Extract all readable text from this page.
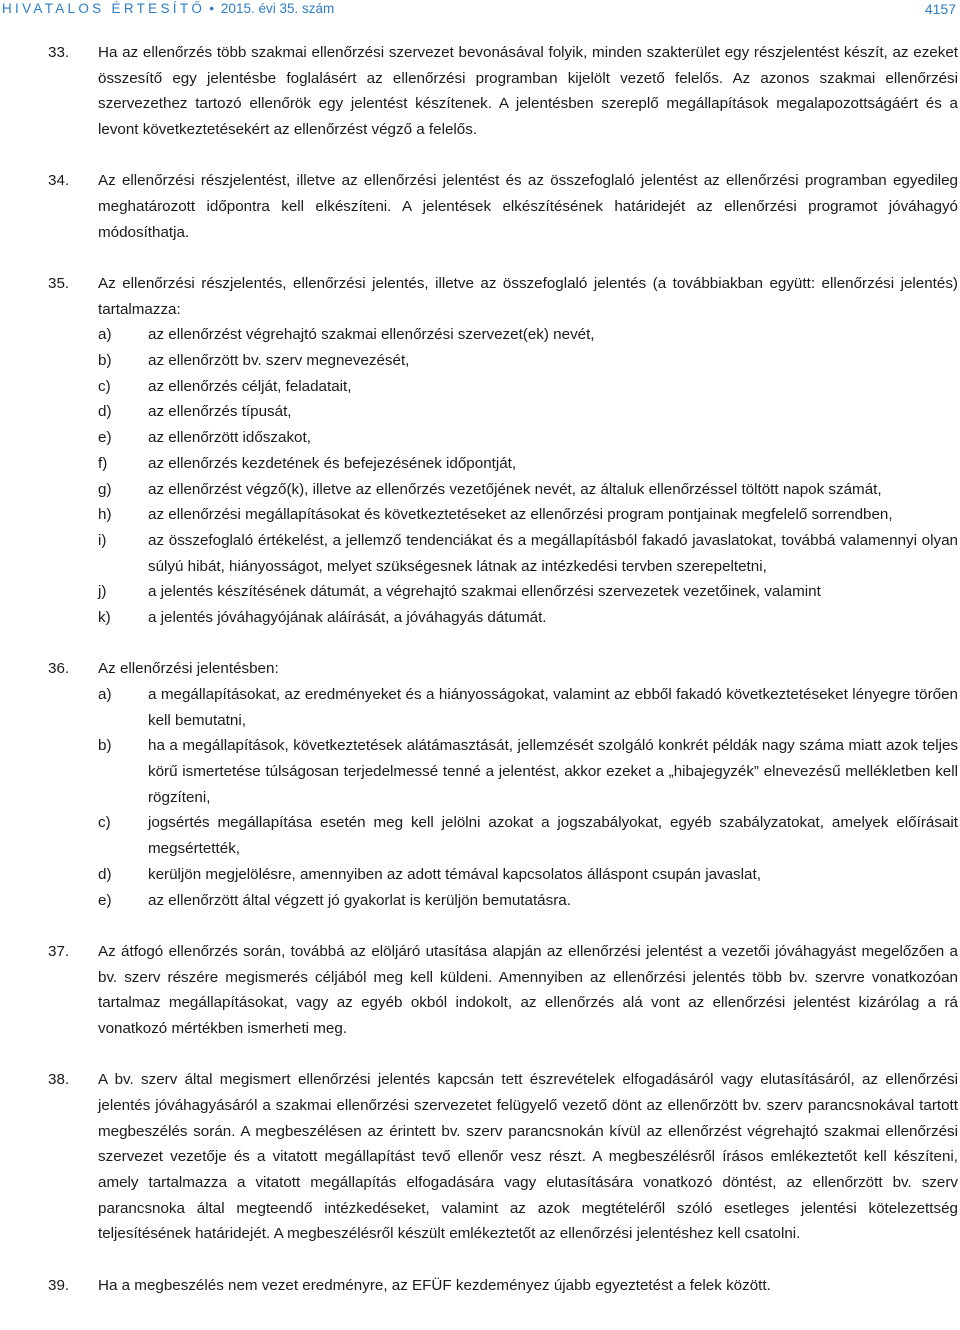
HIVATALOS ÉRTESÍTŐ • 2015. évi 35. szám	4157
33. Ha az ellenőrzés több szakmai ellenőrzési szervezet bevonásával folyik, minden szakterület egy részjelentést készít, az ezeket összesítő egy jelentésbe foglalásért az ellenőrzési programban kijelölt vezető felelős. Az azonos szakmai ellenőrzési szervezethez tartozó ellenőrök egy jelentést készítenek. A jelentésben szereplő megállapítások megalapozottságáért és a levont következtetésekért az ellenőrzést végző a felelős.
34. Az ellenőrzési részjelentést, illetve az ellenőrzési jelentést és az összefoglaló jelentést az ellenőrzési programban egyedileg meghatározott időpontra kell elkészíteni. A jelentések elkészítésének határidejét az ellenőrzési programot jóváhagyó módosíthatja.
35. Az ellenőrzési részjelentés, ellenőrzési jelentés, illetve az összefoglaló jelentés (a továbbiakban együtt: ellenőrzési jelentés) tartalmazza:
a) az ellenőrzést végrehajtó szakmai ellenőrzési szervezet(ek) nevét,
b) az ellenőrzött bv. szerv megnevezését,
c) az ellenőrzés célját, feladatait,
d) az ellenőrzés típusát,
e) az ellenőrzött időszakot,
f)	az ellenőrzés kezdetének és befejezésének időpontját,
g) az ellenőrzést végző(k), illetve az ellenőrzés vezetőjének nevét, az általuk ellenőrzéssel töltött napok számát,
h) az ellenőrzési megállapításokat és következtetéseket az ellenőrzési program pontjainak megfelelő sorrendben,
i)	az összefoglaló értékelést, a jellemző tendenciákat és a megállapításból fakadó javaslatokat, továbbá valamennyi olyan súlyú hibát, hiányosságot, melyet szükségesnek látnak az intézkedési tervben szerepeltetni,
j)	a jelentés készítésének dátumát, a végrehajtó szakmai ellenőrzési szervezetek vezetőinek, valamint
k) a jelentés jóváhagyójának aláírását, a jóváhagyás dátumát.
36. Az ellenőrzési jelentésben:
a) a megállapításokat, az eredményeket és a hiányosságokat, valamint az ebből fakadó következtetéseket lényegre törően kell bemutatni,
b) ha a megállapítások, következtetések alátámasztását, jellemzését szolgáló konkrét példák nagy száma miatt azok teljes körű ismertetése túlságosan terjedelmessé tenné a jelentést, akkor ezeket a „hibajegyzék” elnevezésű mellékletben kell rögzíteni,
c) jogsértés megállapítása esetén meg kell jelölni azokat a jogszabályokat, egyéb szabályzatokat, amelyek előírásait megsértették,
d) kerüljön megjelölésre, amennyiben az adott témával kapcsolatos álláspont csupán javaslat,
e) az ellenőrzött által végzett jó gyakorlat is kerüljön bemutatásra.
37. Az átfogó ellenőrzés során, továbbá az elöljáró utasítása alapján az ellenőrzési jelentést a vezetői jóváhagyást megelőzően a bv. szerv részére megismerés céljából meg kell küldeni. Amennyiben az ellenőrzési jelentés több bv. szervre vonatkozóan tartalmaz megállapításokat, vagy az egyéb okból indokolt, az ellenőrzés alá vont az ellenőrzési jelentést kizárólag a rá vonatkozó mértékben ismerheti meg.
38. A bv. szerv által megismert ellenőrzési jelentés kapcsán tett észrevételek elfogadásáról vagy elutasításáról, az ellenőrzési jelentés jóváhagyásáról a szakmai ellenőrzési szervezetet felügyelő vezető dönt az ellenőrzött bv. szerv parancsnokával tartott megbeszélés során. A megbeszélésen az érintett bv. szerv parancsnokán kívül az ellenőrzést végrehajtó szakmai ellenőrzési szervezet vezetője és a vitatott megállapítást tevő ellenőr vesz részt. A megbeszélésről írásos emlékeztetőt kell készíteni, amely tartalmazza a vitatott megállapítás elfogadására vagy elutasítására vonatkozó döntést, az ellenőrzött bv. szerv parancsnoka által megteendő intézkedéseket, valamint az azok megtételéről szóló esetleges jelentési kötelezettség teljesítésének határidejét. A megbeszélésről készült emlékeztetőt az ellenőrzési jelentéshez kell csatolni.
39. Ha a megbeszélés nem vezet eredményre, az EFÜF kezdeményez újabb egyeztetést a felek között.
